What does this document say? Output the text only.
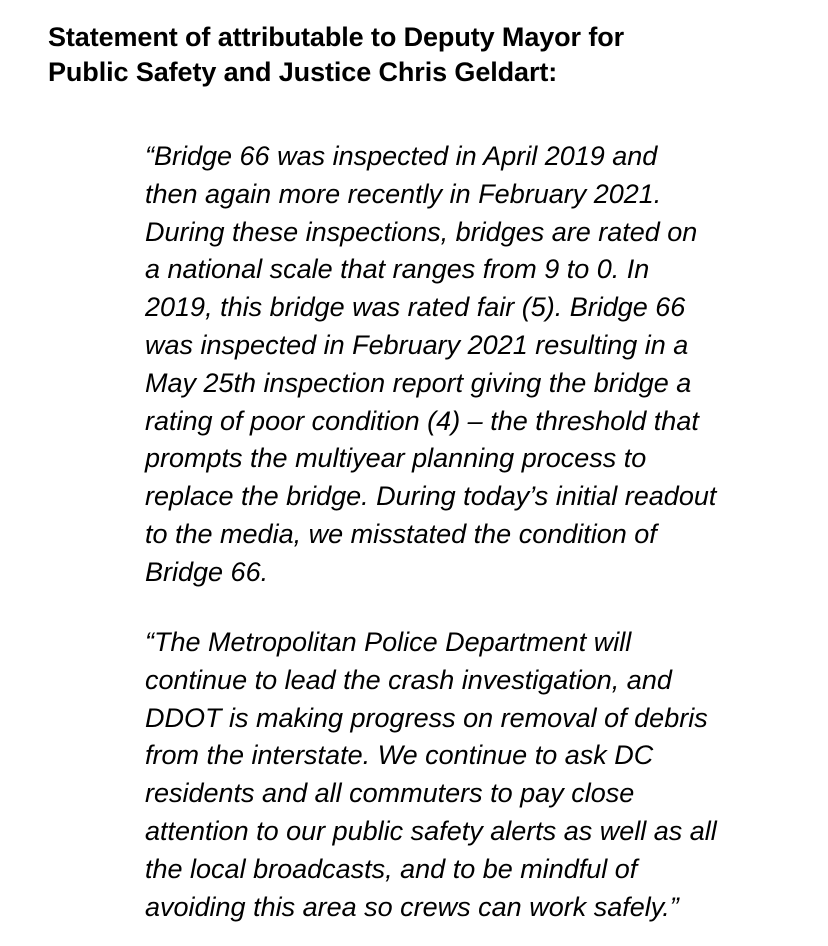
Statement of attributable to Deputy Mayor for
Public Safety and Justice Chris Geldart:

“Bridge 66 was inspected in April 2019 and
then again more recently in February 2021.
During these inspections, bridges are rated on
a national scale that ranges from 9 to 0. In
2019, this bridge was rated fair (5). Bridge 66
was inspected in February 2021 resulting in a
May 25th inspection report giving the bridge a
rating of poor condition (4) – the threshold that
prompts the multiyear planning process to
replace the bridge. During today’s initial readout
to the media, we misstated the condition of
Bridge 66.

“The Metropolitan Police Department will
continue to lead the crash investigation, and
DDOT is making progress on removal of debris
from the interstate. We continue to ask DC
residents and all commuters to pay close
attention to our public safety alerts as well as all
the local broadcasts, and to be mindful of
avoiding this area so crews can work safely.”
